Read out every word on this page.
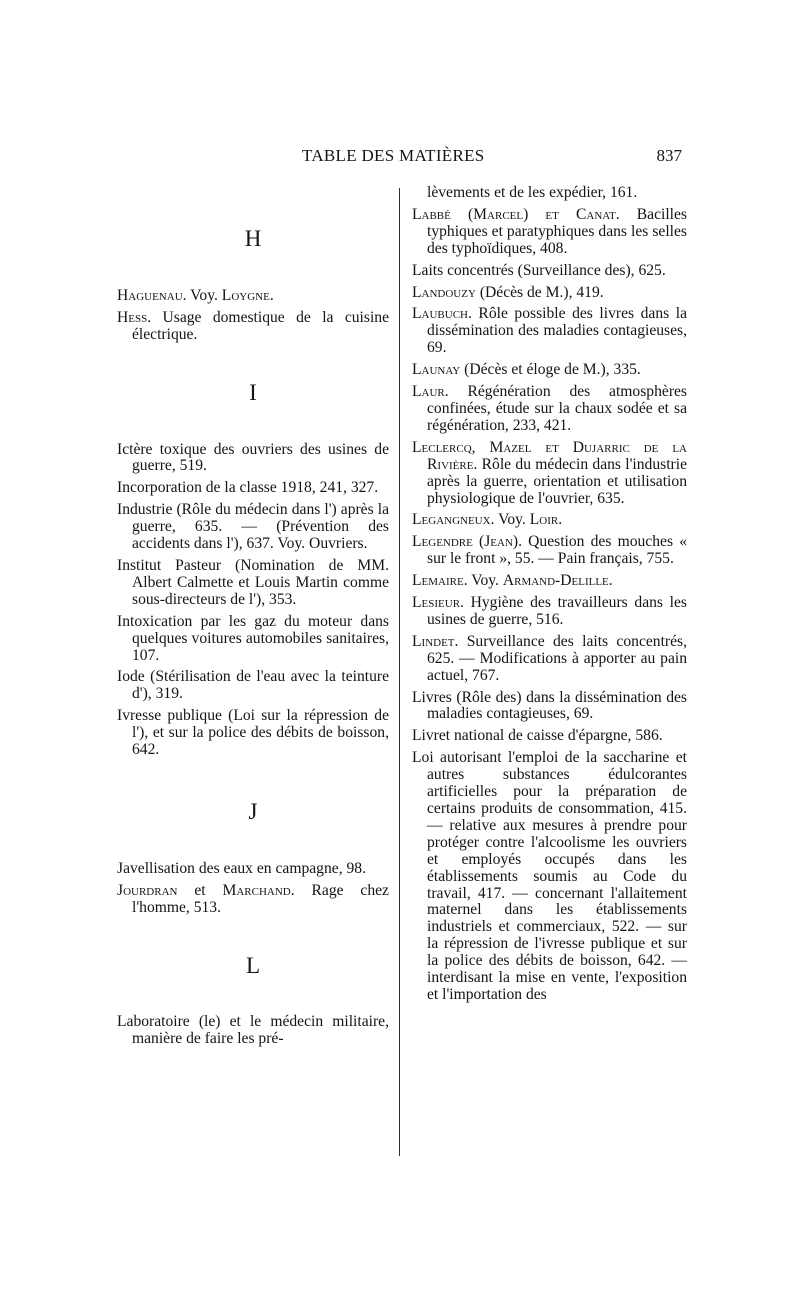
TABLE DES MATIÈRES	837

H

Haguenau. Voy. Loygne.

Hess. Usage domestique de la cuisine électrique.

I

Ictère toxique des ouvriers des usines de guerre, 519.

Incorporation de la classe 1918, 241, 327.

Industrie (Rôle du médecin dans l') après la guerre, 635. — (Prévention des accidents dans l'), 637. Voy. Ouvriers.

Institut Pasteur (Nomination de MM. Albert Calmette et Louis Martin comme sous-directeurs de l'), 353.

Intoxication par les gaz du moteur dans quelques voitures automobiles sanitaires, 107.

Iode (Stérilisation de l'eau avec la teinture d'), 319.

Ivresse publique (Loi sur la répression de l'), et sur la police des débits de boisson, 642.

J

Javellisation des eaux en campagne, 98.

Jourdran et Marchand. Rage chez l'homme, 513.

L

Laboratoire (le) et le médecin militaire, manière de faire les pré-

lèvements et de les expédier, 161.

Labbé (Marcel) et Canat. Bacilles typhiques et paratyphiques dans les selles des typhoïdiques, 408.

Laits concentrés (Surveillance des), 625.

Landouzy (Décès de M.), 419.

Laubuch. Rôle possible des livres dans la dissémination des maladies contagieuses, 69.

Launay (Décès et éloge de M.), 335.

Laur. Régénération des atmosphères confinées, étude sur la chaux sodée et sa régénération, 233, 421.

Leclercq, Mazel et Dujarric de la Rivière. Rôle du médecin dans l'industrie après la guerre, orientation et utilisation physiologique de l'ouvrier, 635.

Legangneux. Voy. Loir.

Legendre (Jean). Question des mouches « sur le front », 55. — Pain français, 755.

Lemaire. Voy. Armand-Delille.

Lesieur. Hygiène des travailleurs dans les usines de guerre, 516.

Lindet. Surveillance des laits concentrés, 625. — Modifications à apporter au pain actuel, 767.

Livres (Rôle des) dans la dissémination des maladies contagieuses, 69.

Livret national de caisse d'épargne, 586.

Loi autorisant l'emploi de la saccharine et autres substances édulcorantes artificielles pour la préparation de certains produits de consommation, 415. — relative aux mesures à prendre pour protéger contre l'alcoolisme les ouvriers et employés occupés dans les établissements soumis au Code du travail, 417. — concernant l'allaitement maternel dans les établissements industriels et commerciaux, 522. — sur la répression de l'ivresse publique et sur la police des débits de boisson, 642. — interdisant la mise en vente, l'exposition et l'importation des
